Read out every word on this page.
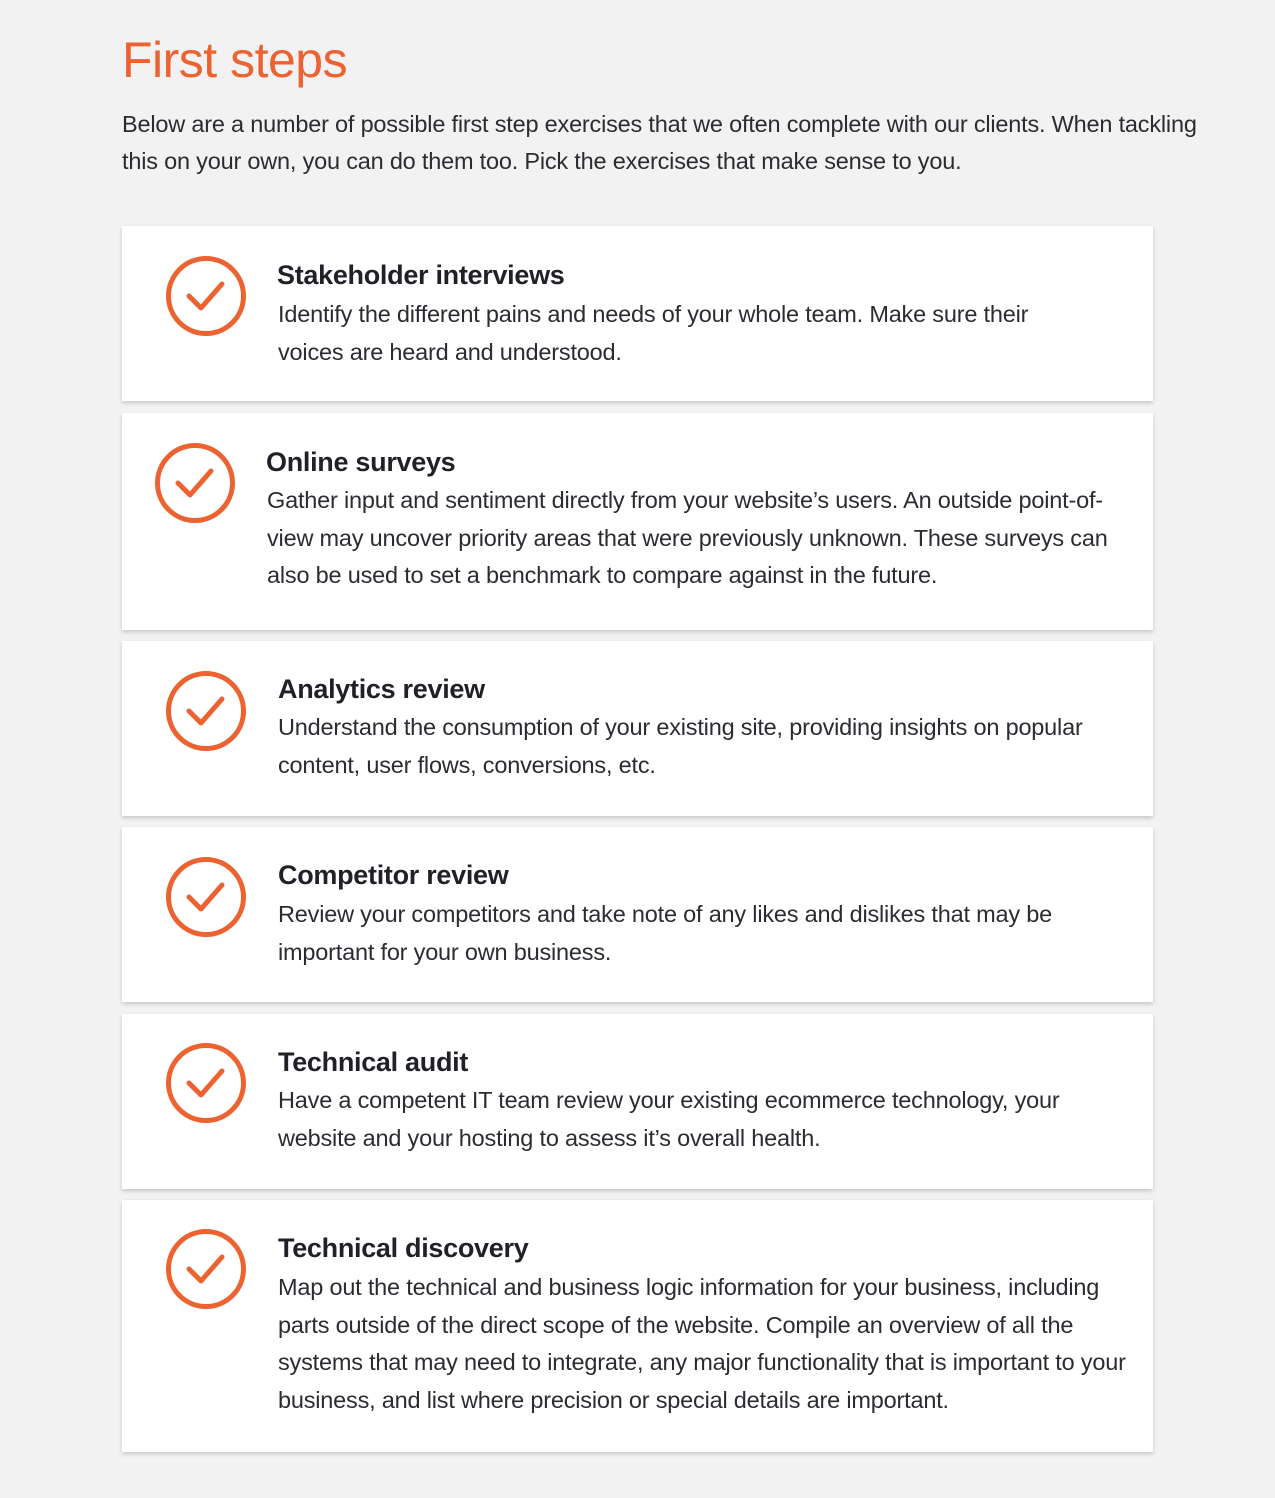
First steps

Below are a number of possible first step exercises that we often complete with our clients. When tackling this on your own, you can do them too. Pick the exercises that make sense to you.

Stakeholder interviews

Identify the different pains and needs of your whole team. Make sure their voices are heard and understood.

Online surveys

Gather input and sentiment directly from your website’s users. An outside point-of-view may uncover priority areas that were previously unknown. These surveys can also be used to set a benchmark to compare against in the future.

Analytics review

Understand the consumption of your existing site, providing insights on popular content, user flows, conversions, etc.

Competitor review

Review your competitors and take note of any likes and dislikes that may be important for your own business.

Technical audit

Have a competent IT team review your existing ecommerce technology, your website and your hosting to assess it’s overall health.

Technical discovery

Map out the technical and business logic information for your business, including parts outside of the direct scope of the website. Compile an overview of all the systems that may need to integrate, any major functionality that is important to your business, and list where precision or special details are important.
